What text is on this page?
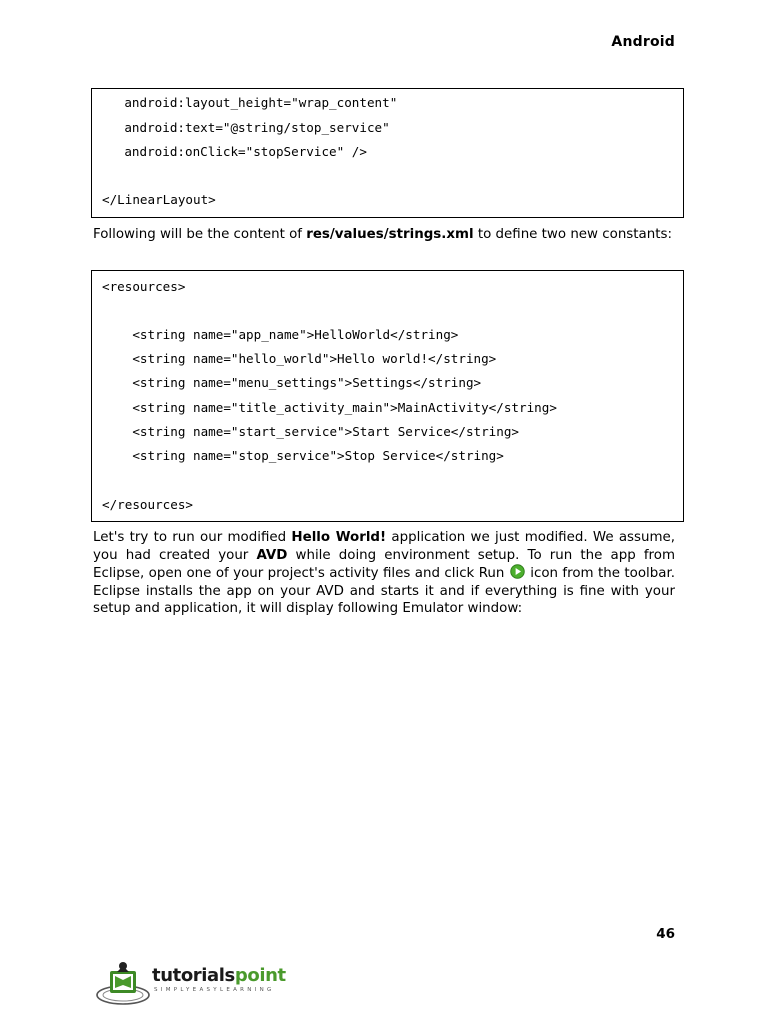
Android
android:layout_height="wrap_content"
android:text="@string/stop_service"
android:onClick="stopService" />
</LinearLayout>
Following will be the content of res/values/strings.xml to define two new constants:
<resources>
<string name="app_name">HelloWorld</string>
<string name="hello_world">Hello world!</string>
<string name="menu_settings">Settings</string>
<string name="title_activity_main">MainActivity</string>
<string name="start_service">Start Service</string>
<string name="stop_service">Stop Service</string>
</resources>
Let's try to run our modified Hello World! application we just modified. We assume, you had created your AVD while doing environment setup. To run the app from Eclipse, open one of your project's activity files and click Run  icon from the toolbar. Eclipse installs the app on your AVD and starts it and if everything is fine with your setup and application, it will display following Emulator window:
46
tutorialspoint
SIMPLYEASYLEARNING
